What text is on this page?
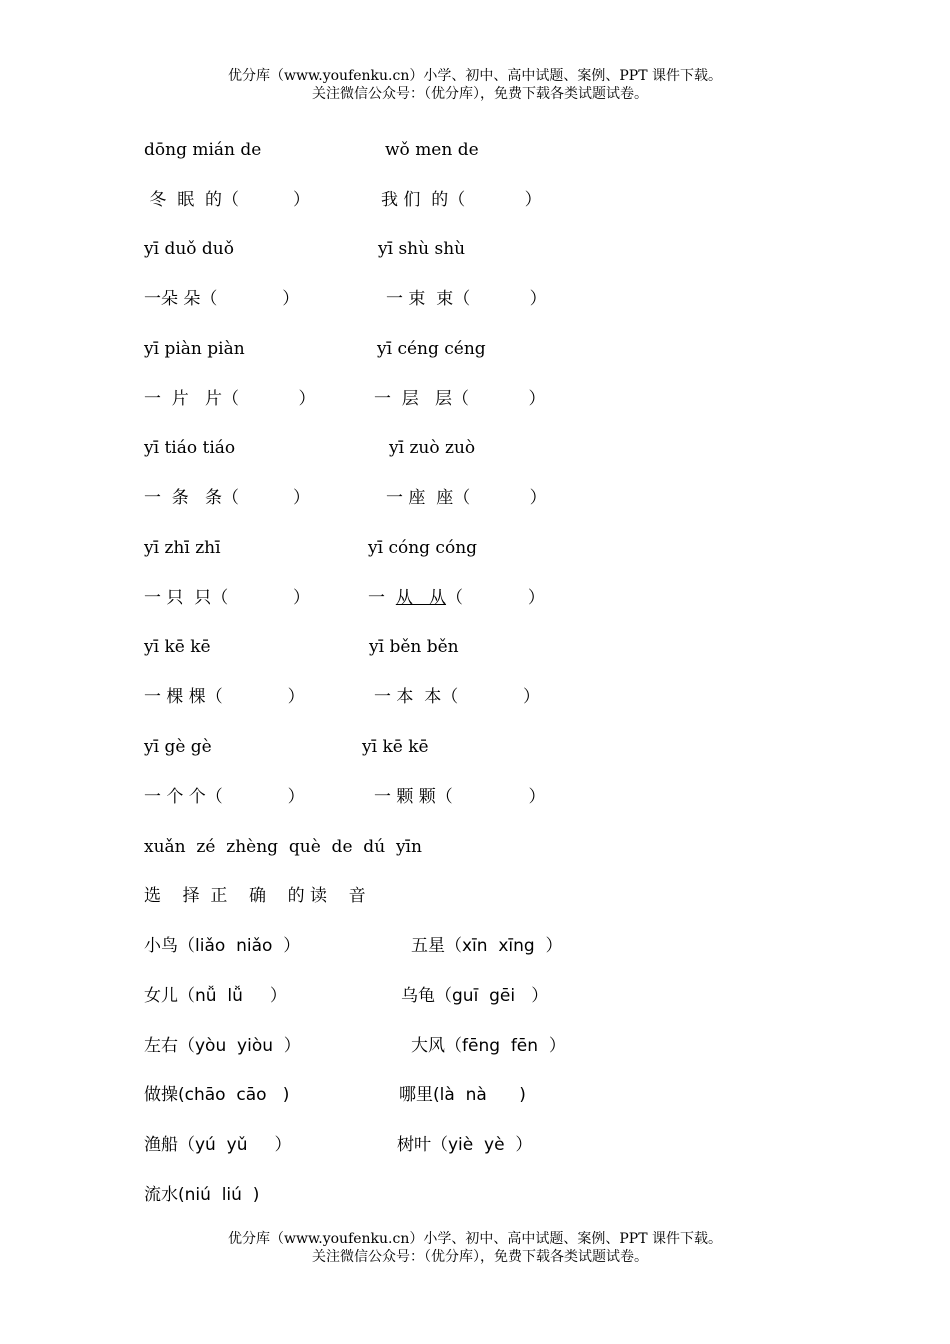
优分库（www.youfenku.cn）小学、初中、高中试题、案例、PPT 课件下载。
关注微信公众号：（优分库），免费下载各类试题试卷。
dōng mián de	wǒ men de
冬  眠  的（          ）	我 们  的（           ）
yī duǒ duǒ	yī shù shù
一朵 朵（            ）	一 束  束（           ）
yī piàn piàn	yī céng céng
一  片   片（           ）	一  层   层（           ）
yī tiáo tiáo	yī zuò zuò
一  条   条（          ）	一 座  座（           ）
yī zhī zhī	yī cóng cóng
一 只  只（            ）	一  从   从（            ）
yī kē kē	yī běn běn
一 棵 棵（            ）	一 本  本（            ）
yī gè gè	yī kē kē
一 个 个（            ）	一 颗 颗（              ）
xuǎn  zé  zhèng  què  de  dú  yīn
选    择  正    确    的 读    音
小鸟（liǎo  niǎo  ）	五星（xīn  xīng  ）
女儿（nǚ  lǚ     ）	乌龟（guī  gēi   ）
左右（yòu  yiòu  ）	大风（fēng  fēn  ）
做操(chāo  cāo   )	哪里(là  nà      )
渔船（yú  yǔ     ）	树叶（yiè  yè  ）
流水(niú  liú  )
优分库（www.youfenku.cn）小学、初中、高中试题、案例、PPT 课件下载。
关注微信公众号：（优分库），免费下载各类试题试卷。
